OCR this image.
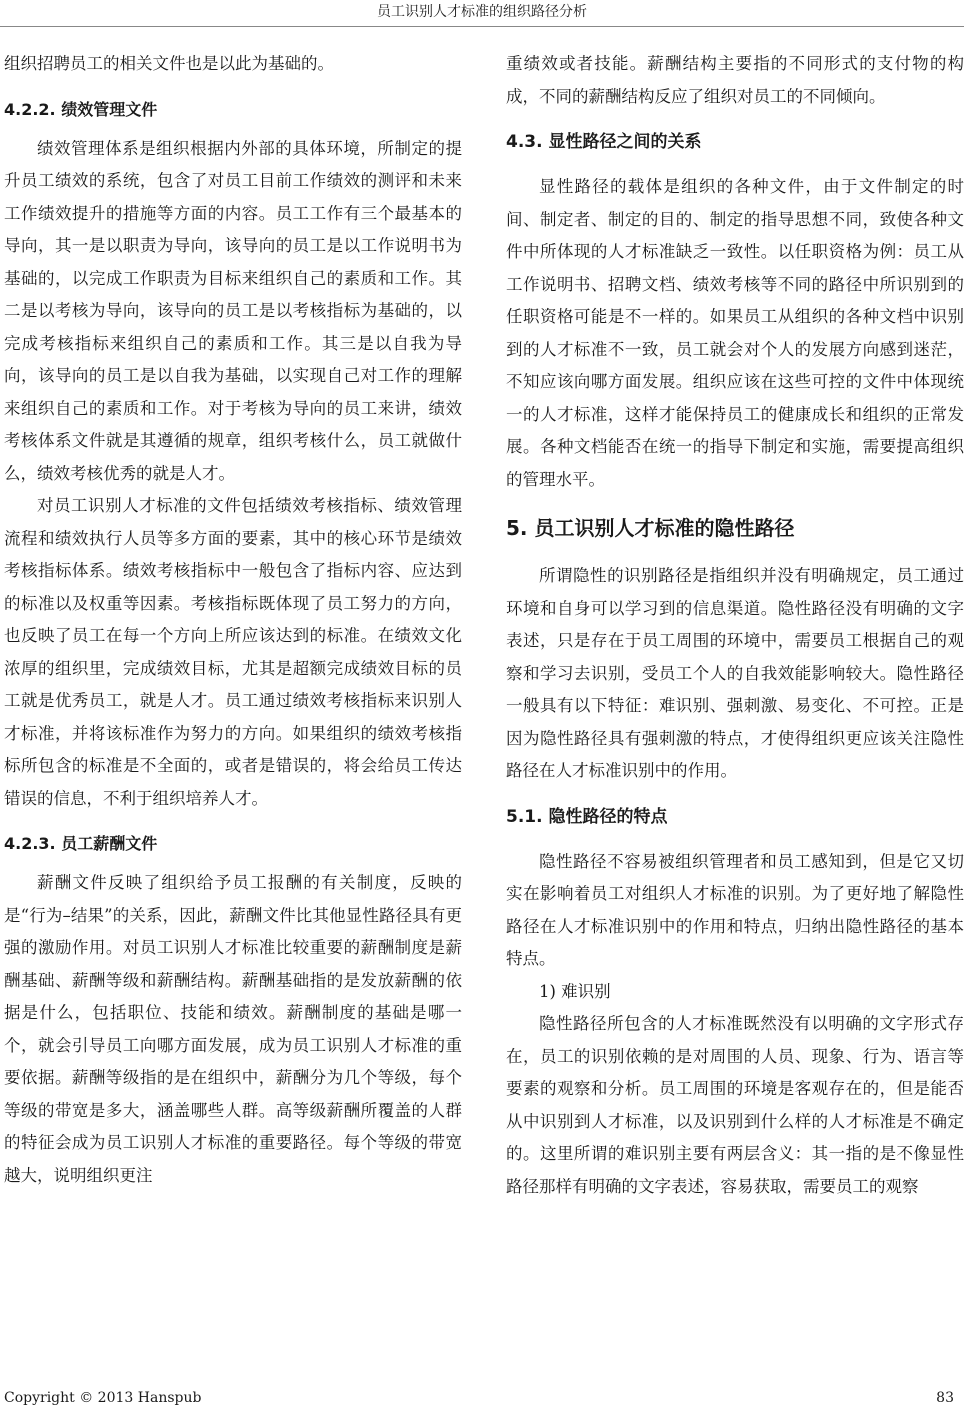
员工识别人才标准的组织路径分析

组织招聘员工的相关文件也是以此为基础的。

4.2.2. 绩效管理文件

绩效管理体系是组织根据内外部的具体环境，所制定的提升员工绩效的系统，包含了对员工目前工作绩效的测评和未来工作绩效提升的措施等方面的内容。员工工作有三个最基本的导向，其一是以职责为导向，该导向的员工是以工作说明书为基础的，以完成工作职责为目标来组织自己的素质和工作。其二是以考核为导向，该导向的员工是以考核指标为基础的，以完成考核指标来组织自己的素质和工作。其三是以自我为导向，该导向的员工是以自我为基础，以实现自己对工作的理解来组织自己的素质和工作。对于考核为导向的员工来讲，绩效考核体系文件就是其遵循的规章，组织考核什么，员工就做什么，绩效考核优秀的就是人才。

对员工识别人才标准的文件包括绩效考核指标、绩效管理流程和绩效执行人员等多方面的要素，其中的核心环节是绩效考核指标体系。绩效考核指标中一般包含了指标内容、应达到的标准以及权重等因素。考核指标既体现了员工努力的方向，也反映了员工在每一个方向上所应该达到的标准。在绩效文化浓厚的组织里，完成绩效目标，尤其是超额完成绩效目标的员工就是优秀员工，就是人才。员工通过绩效考核指标来识别人才标准，并将该标准作为努力的方向。如果组织的绩效考核指标所包含的标准是不全面的，或者是错误的，将会给员工传达错误的信息，不利于组织培养人才。

4.2.3. 员工薪酬文件

薪酬文件反映了组织给予员工报酬的有关制度，反映的是“行为–结果”的关系，因此，薪酬文件比其他显性路径具有更强的激励作用。对员工识别人才标准比较重要的薪酬制度是薪酬基础、薪酬等级和薪酬结构。薪酬基础指的是发放薪酬的依据是什么，包括职位、技能和绩效。薪酬制度的基础是哪一个，就会引导员工向哪方面发展，成为员工识别人才标准的重要依据。薪酬等级指的是在组织中，薪酬分为几个等级，每个等级的带宽是多大，涵盖哪些人群。高等级薪酬所覆盖的人群的特征会成为员工识别人才标准的重要路径。每个等级的带宽越大，说明组织更注

重绩效或者技能。薪酬结构主要指的不同形式的支付物的构成，不同的薪酬结构反应了组织对员工的不同倾向。

4.3. 显性路径之间的关系

显性路径的载体是组织的各种文件，由于文件制定的时间、制定者、制定的目的、制定的指导思想不同，致使各种文件中所体现的人才标准缺乏一致性。以任职资格为例：员工从工作说明书、招聘文档、绩效考核等不同的路径中所识别到的任职资格可能是不一样的。如果员工从组织的各种文档中识别到的人才标准不一致，员工就会对个人的发展方向感到迷茫，不知应该向哪方面发展。组织应该在这些可控的文件中体现统一的人才标准，这样才能保持员工的健康成长和组织的正常发展。各种文档能否在统一的指导下制定和实施，需要提高组织的管理水平。

5. 员工识别人才标准的隐性路径

所谓隐性的识别路径是指组织并没有明确规定，员工通过环境和自身可以学习到的信息渠道。隐性路径没有明确的文字表述，只是存在于员工周围的环境中，需要员工根据自己的观察和学习去识别，受员工个人的自我效能影响较大。隐性路径一般具有以下特征：难识别、强刺激、易变化、不可控。正是因为隐性路径具有强刺激的特点，才使得组织更应该关注隐性路径在人才标准识别中的作用。

5.1. 隐性路径的特点

隐性路径不容易被组织管理者和员工感知到，但是它又切实在影响着员工对组织人才标准的识别。为了更好地了解隐性路径在人才标准识别中的作用和特点，归纳出隐性路径的基本特点。

1) 难识别

隐性路径所包含的人才标准既然没有以明确的文字形式存在，员工的识别依赖的是对周围的人员、现象、行为、语言等要素的观察和分析。员工周围的环境是客观存在的，但是能否从中识别到人才标准，以及识别到什么样的人才标准是不确定的。这里所谓的难识别主要有两层含义：其一指的是不像显性路径那样有明确的文字表述，容易获取，需要员工的观察

Copyright © 2013 Hanspub	83
